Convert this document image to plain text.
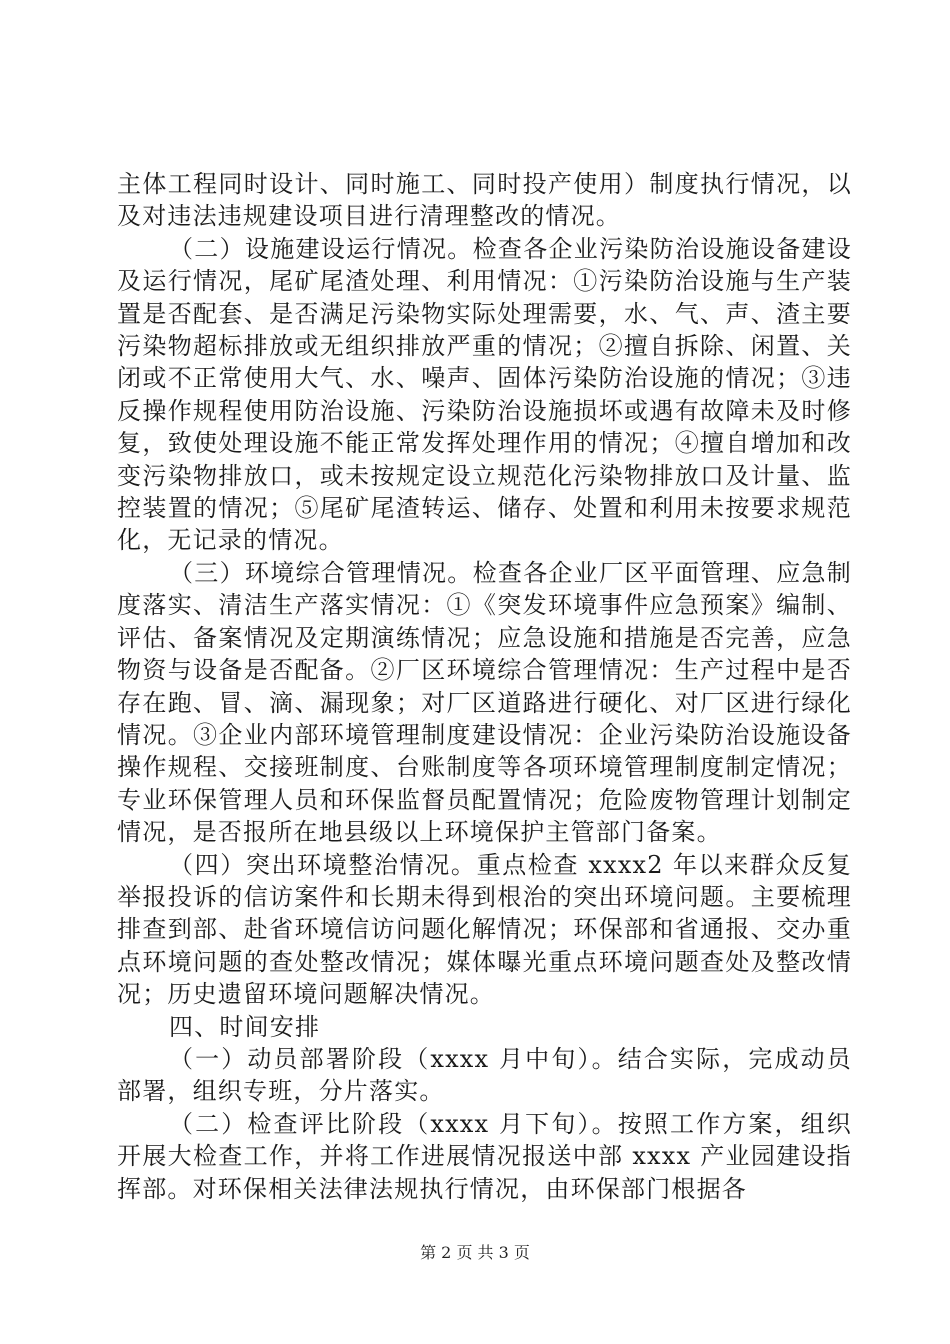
主体工程同时设计、同时施工、同时投产使用）制度执行情况，以及对违法违规建设项目进行清理整改的情况。

（二）设施建设运行情况。检查各企业污染防治设施设备建设及运行情况，尾矿尾渣处理、利用情况：①污染防治设施与生产装置是否配套、是否满足污染物实际处理需要，水、气、声、渣主要污染物超标排放或无组织排放严重的情况；②擅自拆除、闲置、关闭或不正常使用大气、水、噪声、固体污染防治设施的情况；③违反操作规程使用防治设施、污染防治设施损坏或遇有故障未及时修复，致使处理设施不能正常发挥处理作用的情况；④擅自增加和改变污染物排放口，或未按规定设立规范化污染物排放口及计量、监控装置的情况；⑤尾矿尾渣转运、储存、处置和利用未按要求规范化，无记录的情况。

（三）环境综合管理情况。检查各企业厂区平面管理、应急制度落实、清洁生产落实情况：①《突发环境事件应急预案》编制、评估、备案情况及定期演练情况；应急设施和措施是否完善，应急物资与设备是否配备。②厂区环境综合管理情况：生产过程中是否存在跑、冒、滴、漏现象；对厂区道路进行硬化、对厂区进行绿化情况。③企业内部环境管理制度建设情况：企业污染防治设施设备操作规程、交接班制度、台账制度等各项环境管理制度制定情况；专业环保管理人员和环保监督员配置情况；危险废物管理计划制定情况，是否报所在地县级以上环境保护主管部门备案。

（四）突出环境整治情况。重点检查 xxxx2 年以来群众反复举报投诉的信访案件和长期未得到根治的突出环境问题。主要梳理排查到部、赴省环境信访问题化解情况；环保部和省通报、交办重点环境问题的查处整改情况；媒体曝光重点环境问题查处及整改情况；历史遗留环境问题解决情况。

四、时间安排

（一）动员部署阶段（xxxx 月中旬）。结合实际，完成动员部署，组织专班，分片落实。

（二）检查评比阶段（xxxx 月下旬）。按照工作方案，组织开展大检查工作，并将工作进展情况报送中部 xxxx 产业园建设指挥部。对环保相关法律法规执行情况，由环保部门根据各

第 2 页 共 3 页
